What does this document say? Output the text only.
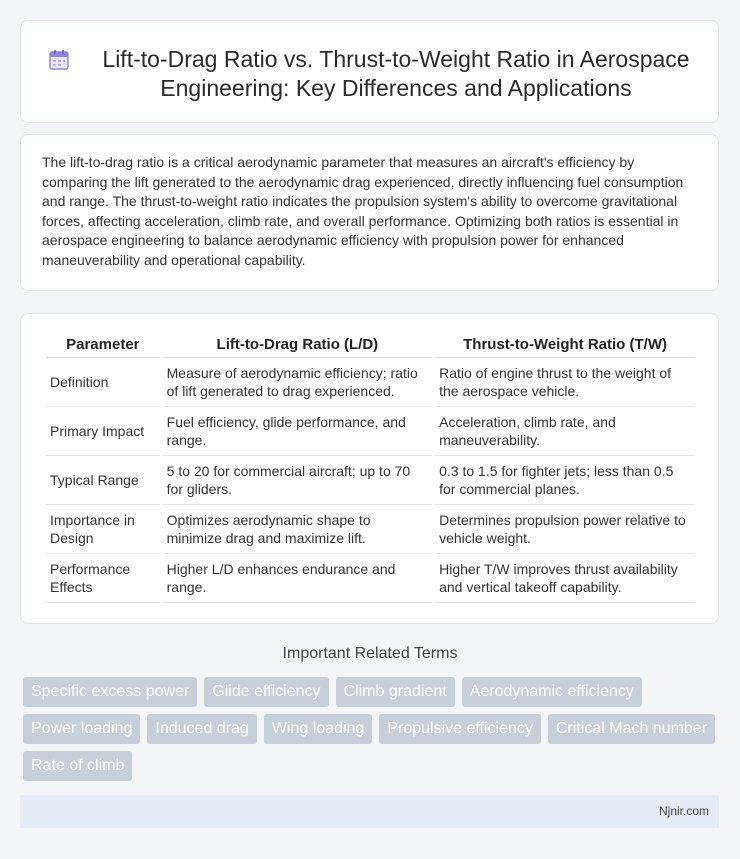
Lift-to-Drag Ratio vs. Thrust-to-Weight Ratio in Aerospace Engineering: Key Differences and Applications

The lift-to-drag ratio is a critical aerodynamic parameter that measures an aircraft's efficiency by comparing the lift generated to the aerodynamic drag experienced, directly influencing fuel consumption and range. The thrust-to-weight ratio indicates the propulsion system's ability to overcome gravitational forces, affecting acceleration, climb rate, and overall performance. Optimizing both ratios is essential in aerospace engineering to balance aerodynamic efficiency with propulsion power for enhanced maneuverability and operational capability.

Parameter	Lift-to-Drag Ratio (L/D)	Thrust-to-Weight Ratio (T/W)
Definition	Measure of aerodynamic efficiency; ratio of lift generated to drag experienced.	Ratio of engine thrust to the weight of the aerospace vehicle.
Primary Impact	Fuel efficiency, glide performance, and range.	Acceleration, climb rate, and maneuverability.
Typical Range	5 to 20 for commercial aircraft; up to 70 for gliders.	0.3 to 1.5 for fighter jets; less than 0.5 for commercial planes.
Importance in Design	Optimizes aerodynamic shape to minimize drag and maximize lift.	Determines propulsion power relative to vehicle weight.
Performance Effects	Higher L/D enhances endurance and range.	Higher T/W improves thrust availability and vertical takeoff capability.
Important Related Terms
Specific excess power	Glide efficiency	Climb gradient	Aerodynamic efficiency
Power loading	Induced drag	Wing loading	Propulsive efficiency	Critical Mach number
Rate of climb
Njnir.com
